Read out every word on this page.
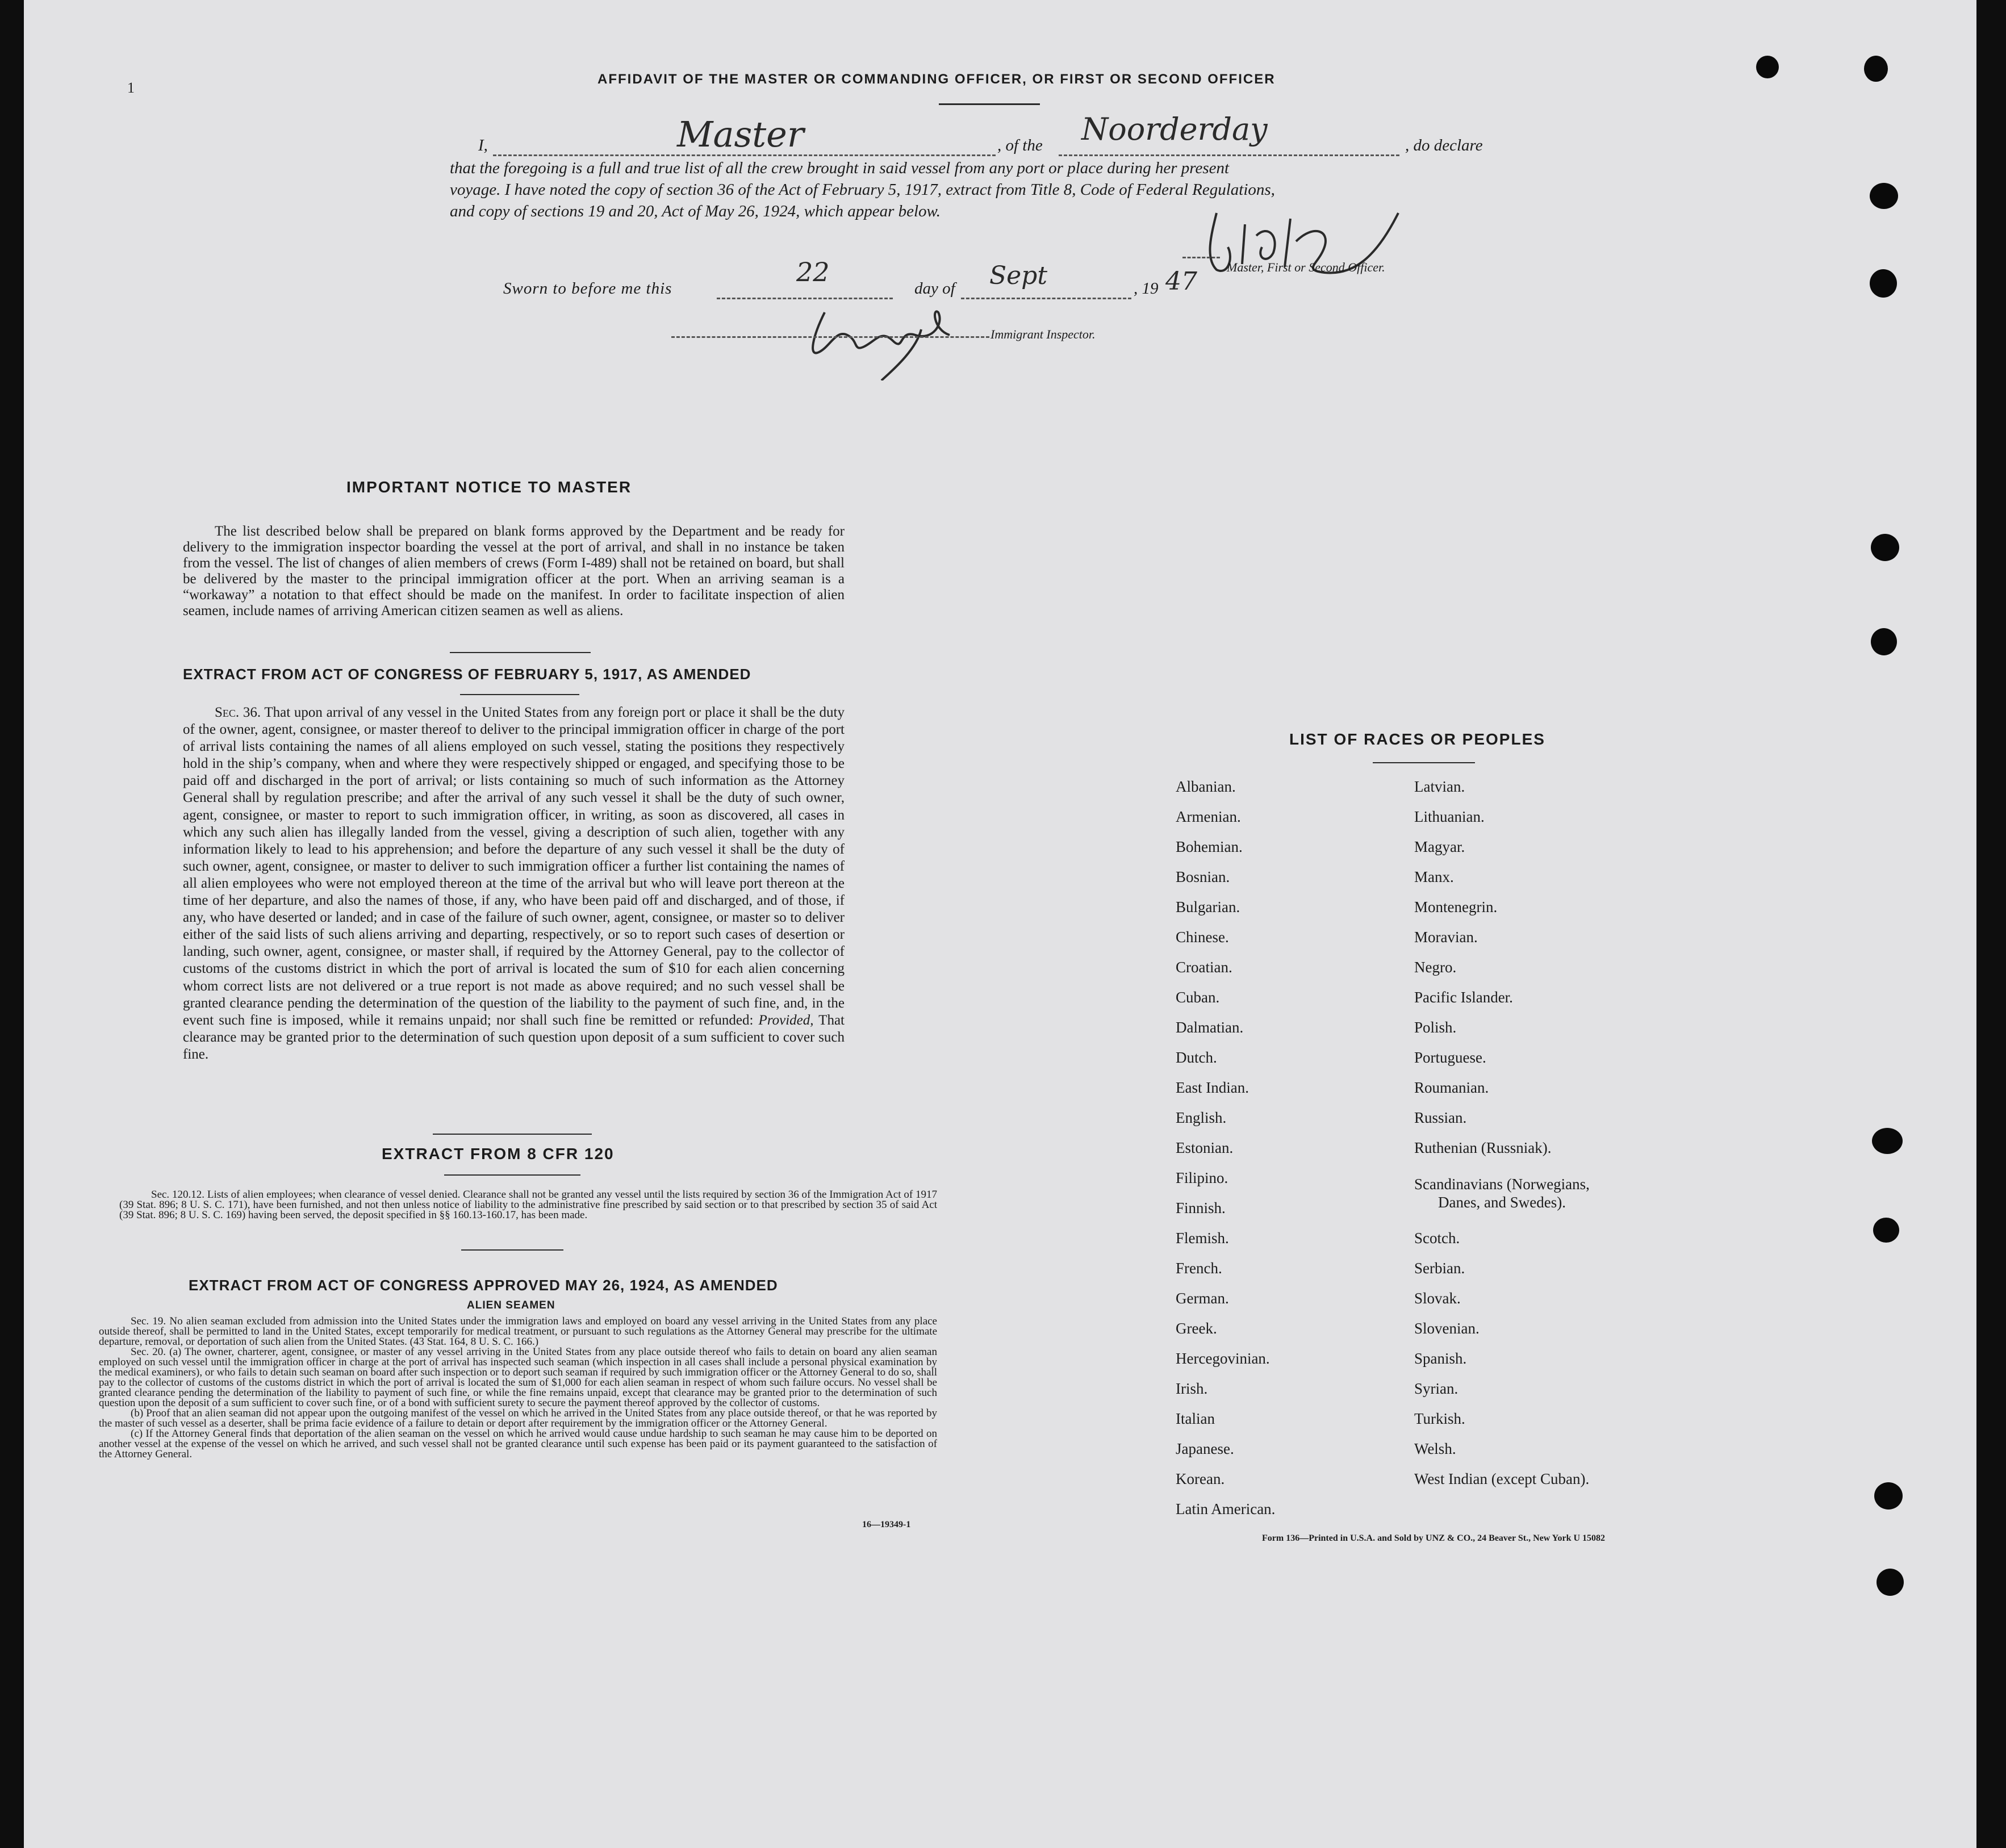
1
AFFIDAVIT OF THE MASTER OR COMMANDING OFFICER, OR FIRST OR SECOND OFFICER
I,	Master	, of the Noorderday	, do declare
that the foregoing is a full and true list of all the crew brought in said vessel from any port or place during her present
voyage. I have noted the copy of section 36 of the Act of February 5, 1917, extract from Title 8, Code of Federal Regulations,
and copy of sections 19 and 20, Act of May 26, 1924, which appear below.
Master, First or Second Officer.
Sworn to before me this
22
day of Sept	, 19 47
Immigrant Inspector.
IMPORTANT NOTICE TO MASTER

The list described below shall be prepared on blank forms approved by the Department and be ready for delivery to the immigration inspector boarding the vessel at the port of arrival, and shall in no instance be taken from the vessel. The list of changes of alien members of crews (Form I-489) shall not be retained on board, but shall be delivered by the master to the principal immigration officer at the port. When an arriving seaman is a “workaway” a notation to that effect should be made on the manifest. In order to facilitate inspection of alien seamen, include names of arriving American citizen seamen as well as aliens.

EXTRACT FROM ACT OF CONGRESS OF FEBRUARY 5, 1917, AS AMENDED

Sec. 36. That upon arrival of any vessel in the United States from any foreign port or place it shall be the duty of the owner, agent, consignee, or master thereof to deliver to the principal immigration officer in charge of the port of arrival lists containing the names of all aliens employed on such vessel, stating the positions they respectively hold in the ship’s company, when and where they were respectively shipped or engaged, and specifying those to be paid off and discharged in the port of arrival; or lists containing so much of such information as the Attorney General shall by regulation prescribe; and after the arrival of any such vessel it shall be the duty of such owner, agent, consignee, or master to report to such immigration officer, in writing, as soon as discovered, all cases in which any such alien has illegally landed from the vessel, giving a description of such alien, together with any information likely to lead to his apprehension; and before the departure of any such vessel it shall be the duty of such owner, agent, consignee, or master to deliver to such immigration officer a further list containing the names of all alien employees who were not employed thereon at the time of the arrival but who will leave port thereon at the time of her departure, and also the names of those, if any, who have been paid off and discharged, and of those, if any, who have deserted or landed; and in case of the failure of such owner, agent, consignee, or master so to deliver either of the said lists of such aliens arriving and departing, respectively, or so to report such cases of desertion or landing, such owner, agent, consignee, or master shall, if required by the Attorney General, pay to the collector of customs of the customs district in which the port of arrival is located the sum of $10 for each alien concerning whom correct lists are not delivered or a true report is not made as above required; and no such vessel shall be granted clearance pending the determination of the question of the liability to the payment of such fine, and, in the event such fine is imposed, while it remains unpaid; nor shall such fine be remitted or refunded: Provided, That clearance may be granted prior to the determination of such question upon deposit of a sum sufficient to cover such fine.

EXTRACT FROM 8 CFR 120

Sec. 120.12. Lists of alien employees; when clearance of vessel denied. Clearance shall not be granted any vessel until the lists required by section 36 of the Immigration Act of 1917 (39 Stat. 896; 8 U. S. C. 171), have been furnished, and not then unless notice of liability to the administrative fine prescribed by said section or to that prescribed by section 35 of said Act (39 Stat. 896; 8 U. S. C. 169) having been served, the deposit specified in §§ 160.13-160.17, has been made.

EXTRACT FROM ACT OF CONGRESS APPROVED MAY 26, 1924, AS AMENDED
ALIEN SEAMEN

Sec. 19. No alien seaman excluded from admission into the United States under the immigration laws and employed on board any vessel arriving in the United States from any place outside thereof, shall be permitted to land in the United States, except temporarily for medical treatment, or pursuant to such regulations as the Attorney General may prescribe for the ultimate departure, removal, or deportation of such alien from the United States. (43 Stat. 164, 8 U. S. C. 166.)

Sec. 20. (a) The owner, charterer, agent, consignee, or master of any vessel arriving in the United States from any place outside thereof who fails to detain on board any alien seaman employed on such vessel until the immigration officer in charge at the port of arrival has inspected such seaman (which inspection in all cases shall include a personal physical examination by the medical examiners), or who fails to detain such seaman on board after such inspection or to deport such seaman if required by such immigration officer or the Attorney General to do so, shall pay to the collector of customs of the customs district in which the port of arrival is located the sum of $1,000 for each alien seaman in respect of whom such failure occurs. No vessel shall be granted clearance pending the determination of the liability to payment of such fine, or while the fine remains unpaid, except that clearance may be granted prior to the determination of such question upon the deposit of a sum sufficient to cover such fine, or of a bond with sufficient surety to secure the payment thereof approved by the collector of customs.

(b) Proof that an alien seaman did not appear upon the outgoing manifest of the vessel on which he arrived in the United States from any place outside thereof, or that he was reported by the master of such vessel as a deserter, shall be prima facie evidence of a failure to detain or deport after requirement by the immigration officer or the Attorney General.

(c) If the Attorney General finds that deportation of the alien seaman on the vessel on which he arrived would cause undue hardship to such seaman he may cause him to be deported on another vessel at the expense of the vessel on which he arrived, and such vessel shall not be granted clearance until such expense has been paid or its payment guaranteed to the satisfaction of the Attorney General.

16—19349-1
LIST OF RACES OR PEOPLES
Albanian.
Armenian.
Bohemian.
Bosnian.
Bulgarian.
Chinese.
Croatian.
Cuban.
Dalmatian.
Dutch.
East Indian.
English.
Estonian.
Filipino.
Finnish.
Flemish.
French.
German.
Greek.
Hercegovinian.
Irish.
Italian
Japanese.
Korean.
Latin American.
Latvian.
Lithuanian.
Magyar.
Manx.
Montenegrin.
Moravian.
Negro.
Pacific Islander.
Polish.
Portuguese.
Roumanian.
Russian.
Ruthenian (Russniak).
Scandinavians (Norwegians,
Danes, and Swedes).
Scotch.
Serbian.
Slovak.
Slovenian.
Spanish.
Syrian.
Turkish.
Welsh.
West Indian (except Cuban).
Form 136—Printed in U.S.A. and Sold by UNZ & CO., 24 Beaver St., New York U 15082
